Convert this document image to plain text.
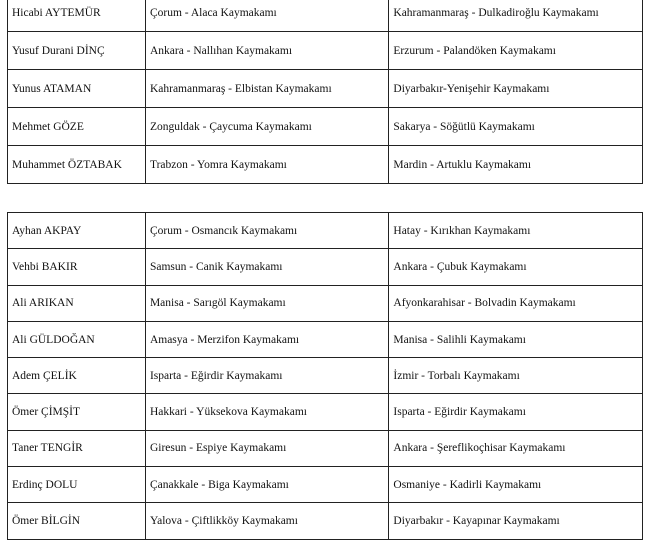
Hicabi AYTEMÜR	Çorum - Alaca Kaymakamı	Kahramanmaraş - Dulkadiroğlu Kaymakamı
Yusuf Durani DİNÇ	Ankara - Nallıhan Kaymakamı	Erzurum - Palandöken Kaymakamı
Yunus ATAMAN	Kahramanmaraş - Elbistan Kaymakamı	Diyarbakır-Yenişehir Kaymakamı
Mehmet GÖZE	Zonguldak - Çaycuma Kaymakamı	Sakarya - Söğütlü Kaymakamı
Muhammet ÖZTABAK	Trabzon - Yomra Kaymakamı	Mardin - Artuklu Kaymakamı
Ayhan AKPAY	Çorum - Osmancık Kaymakamı	Hatay - Kırıkhan Kaymakamı
Vehbi BAKIR	Samsun - Canik Kaymakamı	Ankara - Çubuk Kaymakamı
Ali ARIKAN	Manisa - Sarıgöl Kaymakamı	Afyonkarahisar - Bolvadin Kaymakamı
Ali GÜLDOĞAN	Amasya - Merzifon Kaymakamı	Manisa - Salihli Kaymakamı
Adem ÇELİK	Isparta - Eğirdir Kaymakamı	İzmir - Torbalı Kaymakamı
Ömer ÇİMŞİT	Hakkari - Yüksekova Kaymakamı	Isparta - Eğirdir Kaymakamı
Taner TENGİR	Giresun - Espiye Kaymakamı	Ankara - Şereflikoçhisar Kaymakamı
Erdinç DOLU	Çanakkale - Biga Kaymakamı	Osmaniye - Kadirli Kaymakamı
Ömer BİLGİN	Yalova - Çiftlikköy Kaymakamı	Diyarbakır - Kayapınar Kaymakamı
